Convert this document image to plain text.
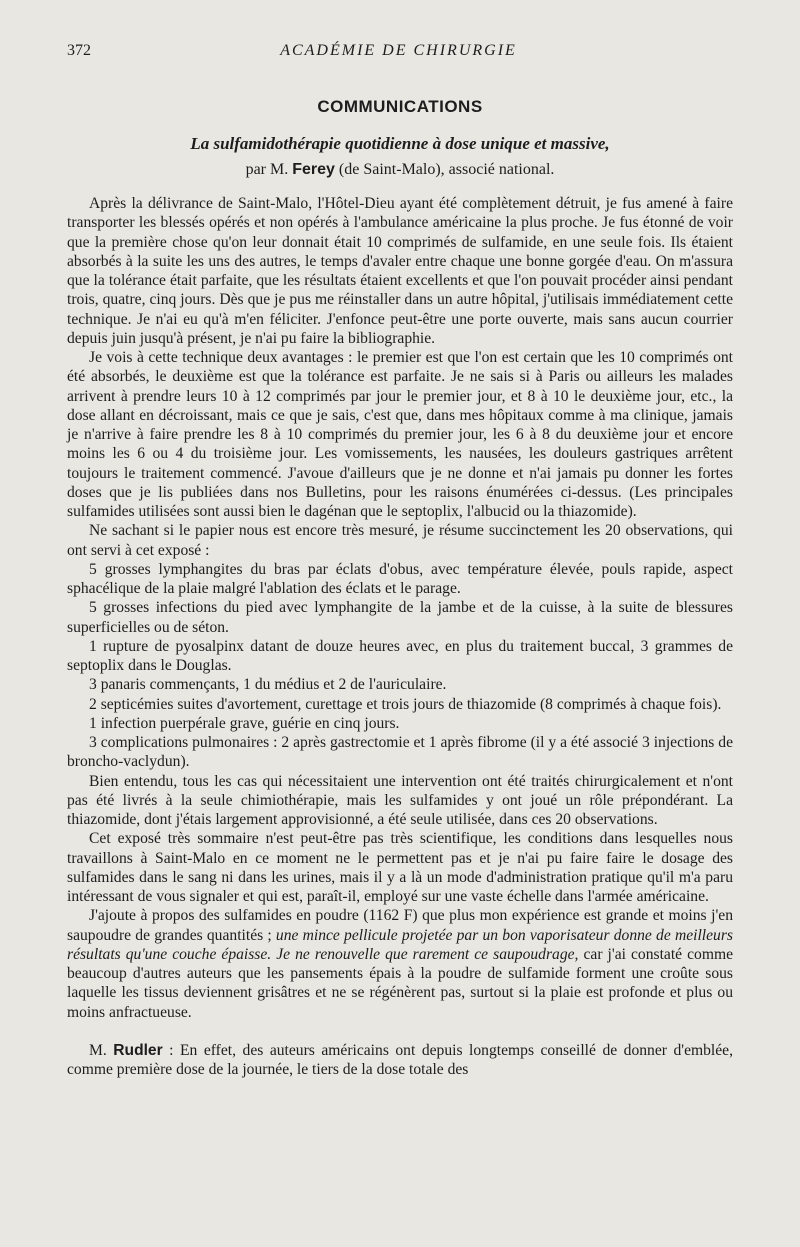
372	ACADÉMIE DE CHIRURGIE
COMMUNICATIONS
La sulfamidothérapie quotidienne à dose unique et massive,
par M. Ferey (de Saint-Malo), associé national.

Après la délivrance de Saint-Malo, l'Hôtel-Dieu ayant été complètement détruit, je fus amené à faire transporter les blessés opérés et non opérés à l'ambulance américaine la plus proche. Je fus étonné de voir que la première chose qu'on leur donnait était 10 comprimés de sulfamide, en une seule fois. Ils étaient absorbés à la suite les uns des autres, le temps d'avaler entre chaque une bonne gorgée d'eau. On m'assura que la tolérance était parfaite, que les résultats étaient excellents et que l'on pouvait procéder ainsi pendant trois, quatre, cinq jours. Dès que je pus me réinstaller dans un autre hôpital, j'utilisais immédiatement cette technique. Je n'ai eu qu'à m'en féliciter. J'enfonce peut-être une porte ouverte, mais sans aucun courrier depuis juin jusqu'à présent, je n'ai pu faire la bibliographie.

Je vois à cette technique deux avantages : le premier est que l'on est certain que les 10 comprimés ont été absorbés, le deuxième est que la tolérance est parfaite. Je ne sais si à Paris ou ailleurs les malades arrivent à prendre leurs 10 à 12 comprimés par jour le premier jour, et 8 à 10 le deuxième jour, etc., la dose allant en décroissant, mais ce que je sais, c'est que, dans mes hôpitaux comme à ma clinique, jamais je n'arrive à faire prendre les 8 à 10 comprimés du premier jour, les 6 à 8 du deuxième jour et encore moins les 6 ou 4 du troisième jour. Les vomissements, les nausées, les douleurs gastriques arrêtent toujours le traitement commencé. J'avoue d'ailleurs que je ne donne et n'ai jamais pu donner les fortes doses que je lis publiées dans nos Bulletins, pour les raisons énumérées ci-dessus. (Les principales sulfamides utilisées sont aussi bien le dagénan que le septoplix, l'albucid ou la thiazomide).

Ne sachant si le papier nous est encore très mesuré, je résume succinctement les 20 observations, qui ont servi à cet exposé :

5 grosses lymphangites du bras par éclats d'obus, avec température élevée, pouls rapide, aspect sphacélique de la plaie malgré l'ablation des éclats et le parage.

5 grosses infections du pied avec lymphangite de la jambe et de la cuisse, à la suite de blessures superficielles ou de séton.

1 rupture de pyosalpinx datant de douze heures avec, en plus du traitement buccal, 3 grammes de septoplix dans le Douglas.

3 panaris commençants, 1 du médius et 2 de l'auriculaire.

2 septicémies suites d'avortement, curettage et trois jours de thiazomide (8 comprimés à chaque fois).

1 infection puerpérale grave, guérie en cinq jours.

3 complications pulmonaires : 2 après gastrectomie et 1 après fibrome (il y a été associé 3 injections de broncho-vaclydun).

Bien entendu, tous les cas qui nécessitaient une intervention ont été traités chirurgicalement et n'ont pas été livrés à la seule chimiothérapie, mais les sulfamides y ont joué un rôle prépondérant. La thiazomide, dont j'étais largement approvisionné, a été seule utilisée, dans ces 20 observations.

Cet exposé très sommaire n'est peut-être pas très scientifique, les conditions dans lesquelles nous travaillons à Saint-Malo en ce moment ne le permettent pas et je n'ai pu faire faire le dosage des sulfamides dans le sang ni dans les urines, mais il y a là un mode d'administration pratique qu'il m'a paru intéressant de vous signaler et qui est, paraît-il, employé sur une vaste échelle dans l'armée américaine.

J'ajoute à propos des sulfamides en poudre (1162 F) que plus mon expérience est grande et moins j'en saupoudre de grandes quantités ; une mince pellicule projetée par un bon vaporisateur donne de meilleurs résultats qu'une couche épaisse. Je ne renouvelle que rarement ce saupoudrage, car j'ai constaté comme beaucoup d'autres auteurs que les pansements épais à la poudre de sulfamide forment une croûte sous laquelle les tissus deviennent grisâtres et ne se régénèrent pas, surtout si la plaie est profonde et plus ou moins anfractueuse.

M. Rudler : En effet, des auteurs américains ont depuis longtemps conseillé de donner d'emblée, comme première dose de la journée, le tiers de la dose totale des
